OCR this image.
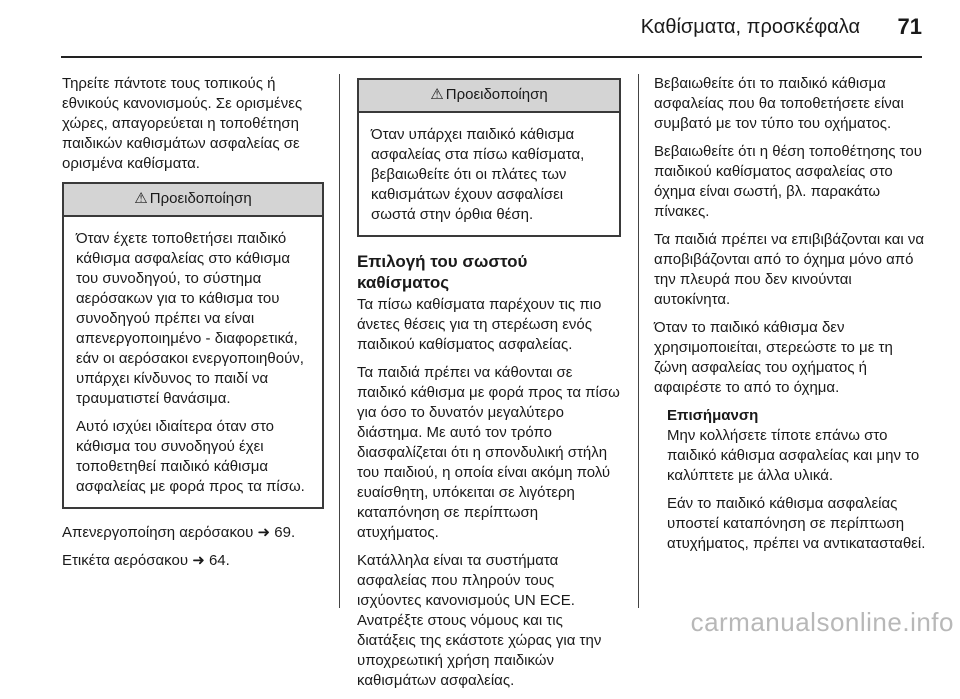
Καθίσματα, προσκέφαλα 71

Τηρείτε πάντοτε τους τοπικούς ή εθνικούς κανονισμούς. Σε ορισμένες χώρες, απαγορεύεται η τοποθέτηση παιδικών καθισμάτων ασφαλείας σε ορισμένα καθίσματα.

⚠ Προειδοποίηση

Όταν έχετε τοποθετήσει παιδικό κάθισμα ασφαλείας στο κάθισμα του συνοδηγού, το σύστημα αερόσακων για το κάθισμα του συνοδηγού πρέπει να είναι απενεργοποιημένο - διαφορετικά, εάν οι αερόσακοι ενεργοποιηθούν, υπάρχει κίνδυνος το παιδί να τραυματιστεί θανάσιμα.

Αυτό ισχύει ιδιαίτερα όταν στο κάθισμα του συνοδηγού έχει τοποθετηθεί παιδικό κάθισμα ασφαλείας με φορά προς τα πίσω.

Απενεργοποίηση αερόσακου ➜ 69.

Ετικέτα αερόσακου ➜ 64.

⚠ Προειδοποίηση

Όταν υπάρχει παιδικό κάθισμα ασφαλείας στα πίσω καθίσματα, βεβαιωθείτε ότι οι πλάτες των καθισμάτων έχουν ασφαλίσει σωστά στην όρθια θέση.

Επιλογή του σωστού καθίσματος

Τα πίσω καθίσματα παρέχουν τις πιο άνετες θέσεις για τη στερέωση ενός παιδικού καθίσματος ασφαλείας.

Τα παιδιά πρέπει να κάθονται σε παιδικό κάθισμα με φορά προς τα πίσω για όσο το δυνατόν μεγαλύτερο διάστημα. Με αυτό τον τρόπο διασφαλίζεται ότι η σπονδυλική στήλη του παιδιού, η οποία είναι ακόμη πολύ ευαίσθητη, υπόκειται σε λιγότερη καταπόνηση σε περίπτωση ατυχήματος.

Κατάλληλα είναι τα συστήματα ασφαλείας που πληρούν τους ισχύοντες κανονισμούς UN ECE. Ανατρέξτε στους νόμους και τις διατάξεις της εκάστοτε χώρας για την υποχρεωτική χρήση παιδικών καθισμάτων ασφαλείας.

Βεβαιωθείτε ότι το παιδικό κάθισμα ασφαλείας που θα τοποθετήσετε είναι συμβατό με τον τύπο του οχήματος.

Βεβαιωθείτε ότι η θέση τοποθέτησης του παιδικού καθίσματος ασφαλείας στο όχημα είναι σωστή, βλ. παρακάτω πίνακες.

Τα παιδιά πρέπει να επιβιβάζονται και να αποβιβάζονται από το όχημα μόνο από την πλευρά που δεν κινούνται αυτοκίνητα.

Όταν το παιδικό κάθισμα δεν χρησιμοποιείται, στερεώστε το με τη ζώνη ασφαλείας του οχήματος ή αφαιρέστε το από το όχημα.

Επισήμανση

Μην κολλήσετε τίποτε επάνω στο παιδικό κάθισμα ασφαλείας και μην το καλύπτετε με άλλα υλικά.

Εάν το παιδικό κάθισμα ασφαλείας υποστεί καταπόνηση σε περίπτωση ατυχήματος, πρέπει να αντικατασταθεί.

carmanualsonline.info
